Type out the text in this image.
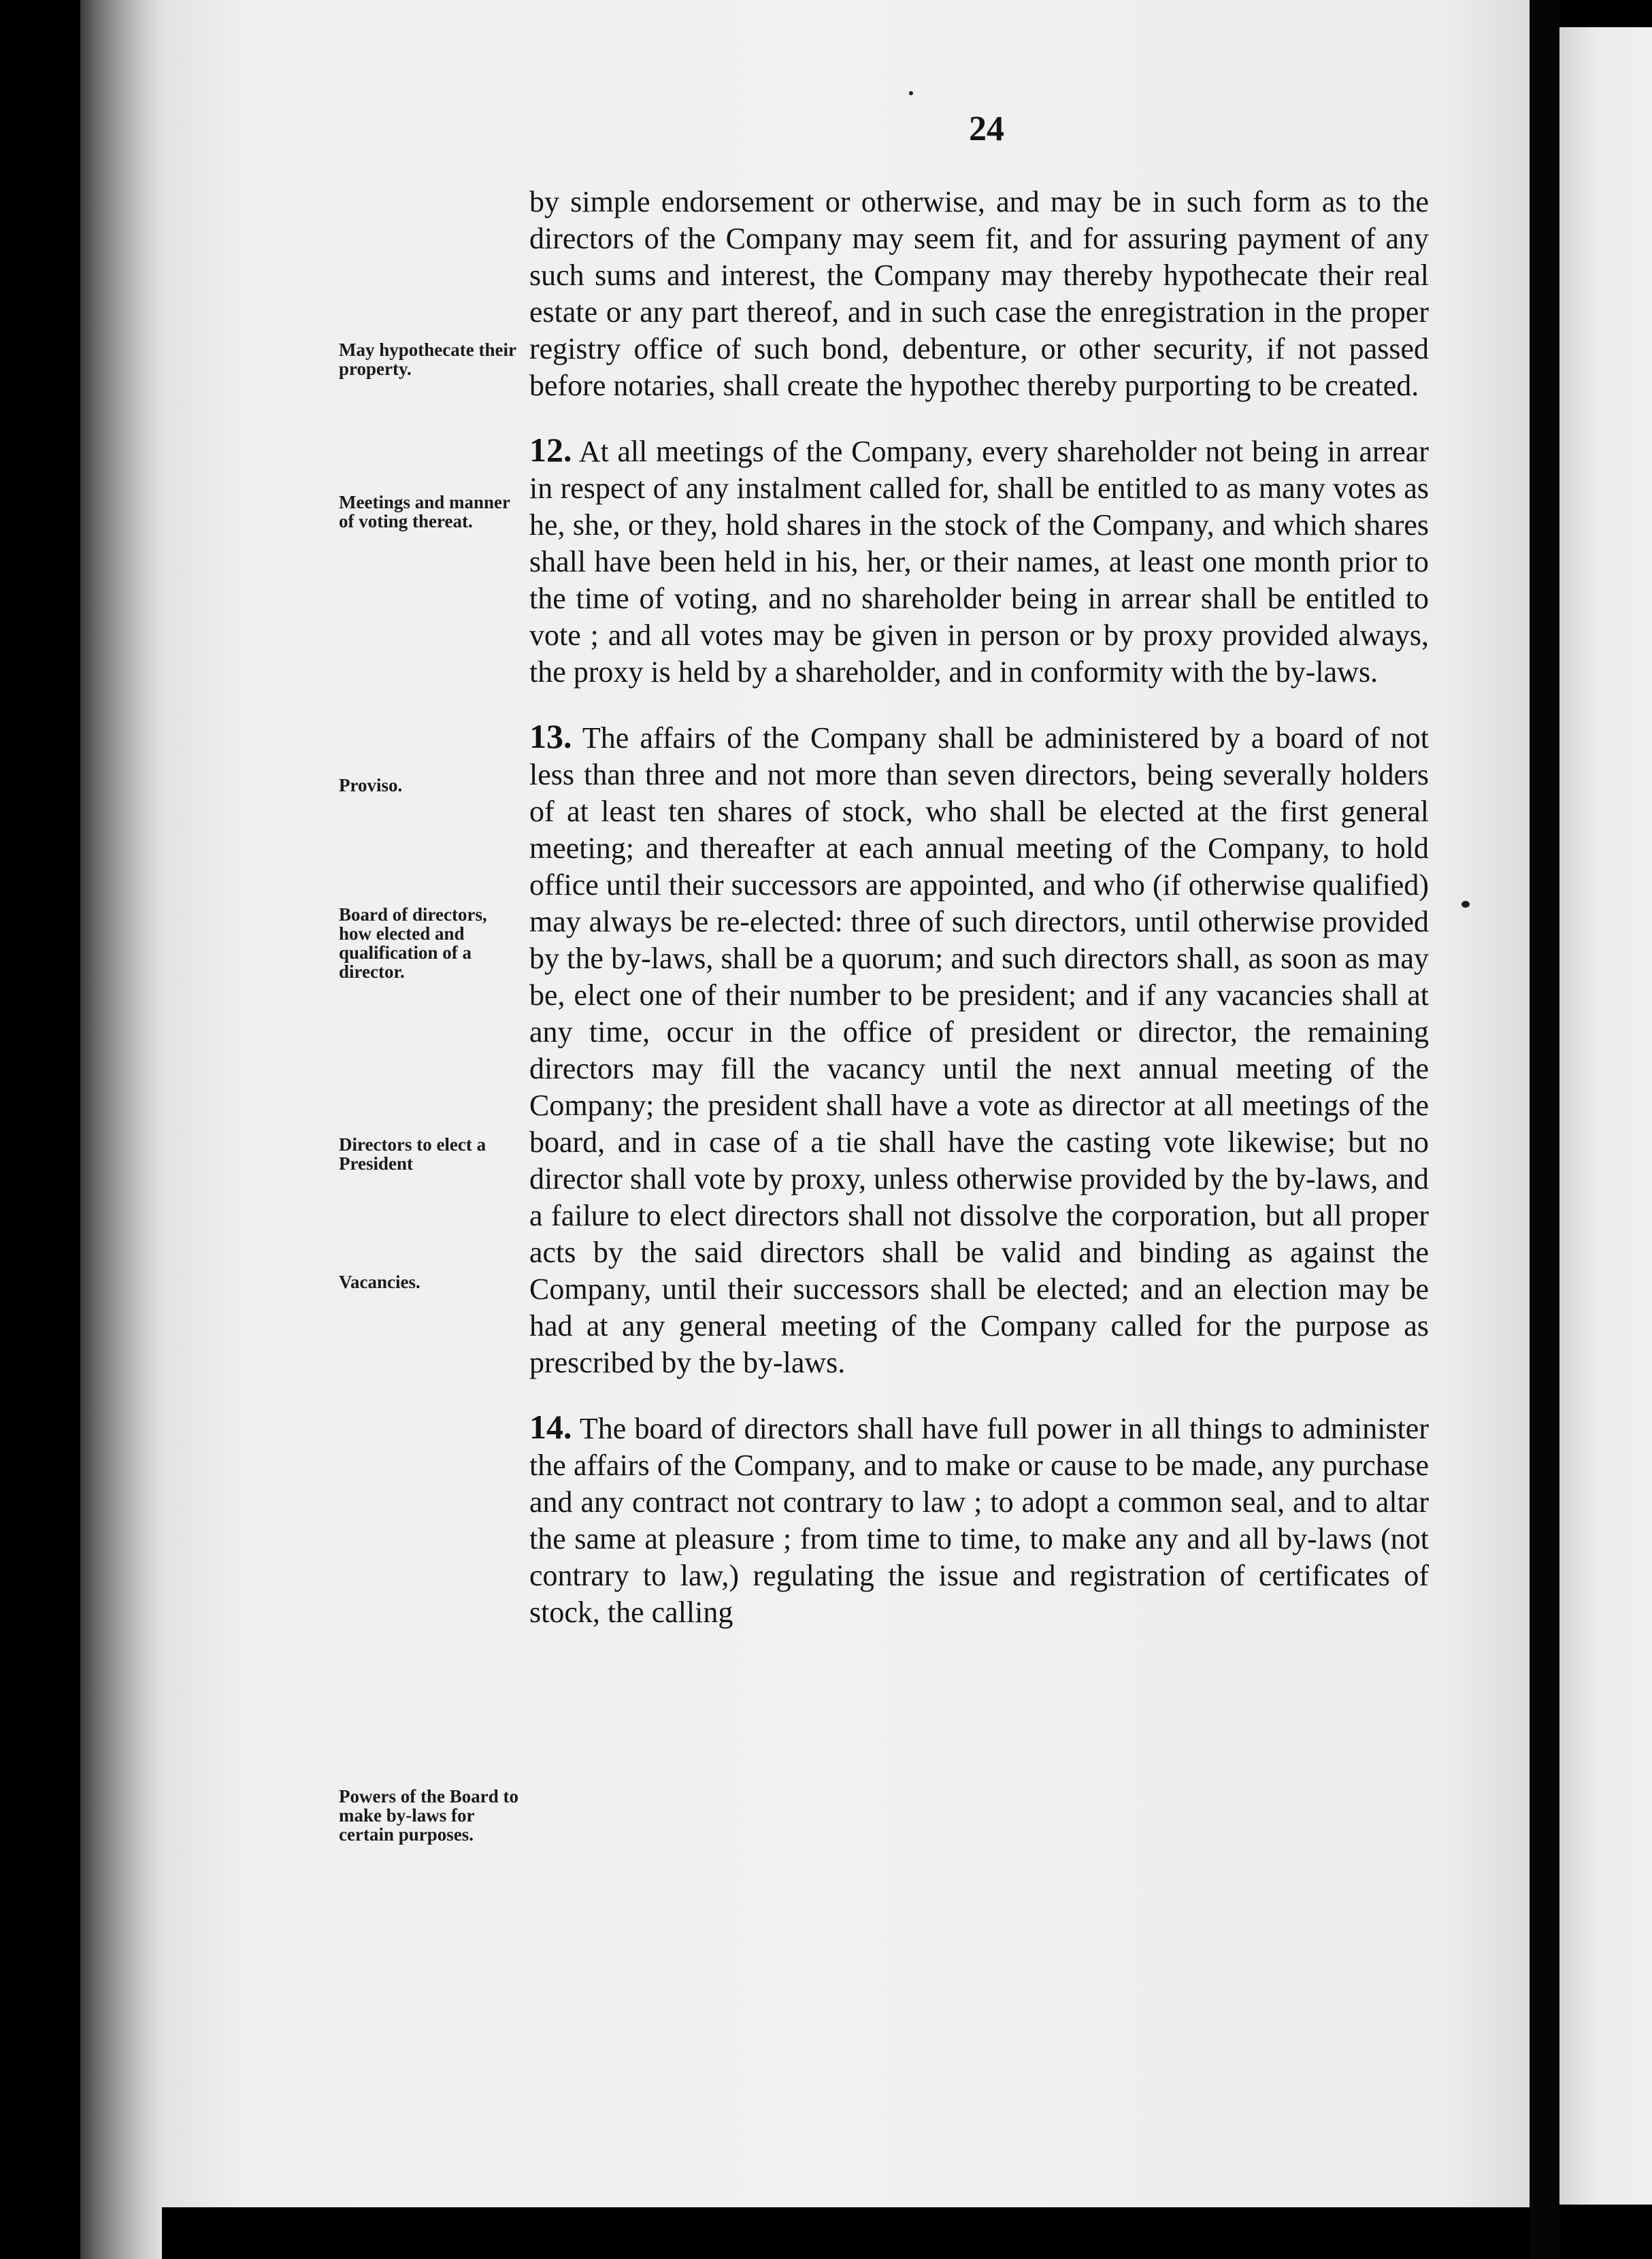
24
May hypothecate their property.
Meetings and manner of voting thereat.
Proviso.
Board of directors, how elected and qualification of a director.
Directors to elect a President
Vacancies.
Powers of the Board to make by-laws for certain purposes.

by simple endorsement or otherwise, and may be in such form as to the directors of the Company may seem fit, and for assuring payment of any such sums and interest, the Company may thereby hypothecate their real estate or any part thereof, and in such case the enregistration in the proper registry office of such bond, debenture, or other security, if not passed before notaries, shall create the hypothec thereby purporting to be created.

12. At all meetings of the Company, every shareholder not being in arrear in respect of any instalment called for, shall be entitled to as many votes as he, she, or they, hold shares in the stock of the Company, and which shares shall have been held in his, her, or their names, at least one month prior to the time of voting, and no shareholder being in arrear shall be entitled to vote ; and all votes may be given in person or by proxy provided always, the proxy is held by a shareholder, and in conformity with the by-laws.

13. The affairs of the Company shall be administered by a board of not less than three and not more than seven directors, being severally holders of at least ten shares of stock, who shall be elected at the first general meeting; and thereafter at each annual meeting of the Company, to hold office until their successors are appointed, and who (if otherwise qualified) may always be re-elected: three of such directors, until otherwise provided by the by-laws, shall be a quorum; and such directors shall, as soon as may be, elect one of their number to be president; and if any vacancies shall at any time, occur in the office of president or director, the remaining directors may fill the vacancy until the next annual meeting of the Company; the president shall have a vote as director at all meetings of the board, and in case of a tie shall have the casting vote likewise; but no director shall vote by proxy, unless otherwise provided by the by-laws, and a failure to elect directors shall not dissolve the corporation, but all proper acts by the said directors shall be valid and binding as against the Company, until their successors shall be elected; and an election may be had at any general meeting of the Company called for the purpose as prescribed by the by-laws.

14. The board of directors shall have full power in all things to administer the affairs of the Company, and to make or cause to be made, any purchase and any contract not contrary to law ; to adopt a common seal, and to altar the same at pleasure ; from time to time, to make any and all by-laws (not contrary to law,) regulating the issue and registration of certificates of stock, the calling
